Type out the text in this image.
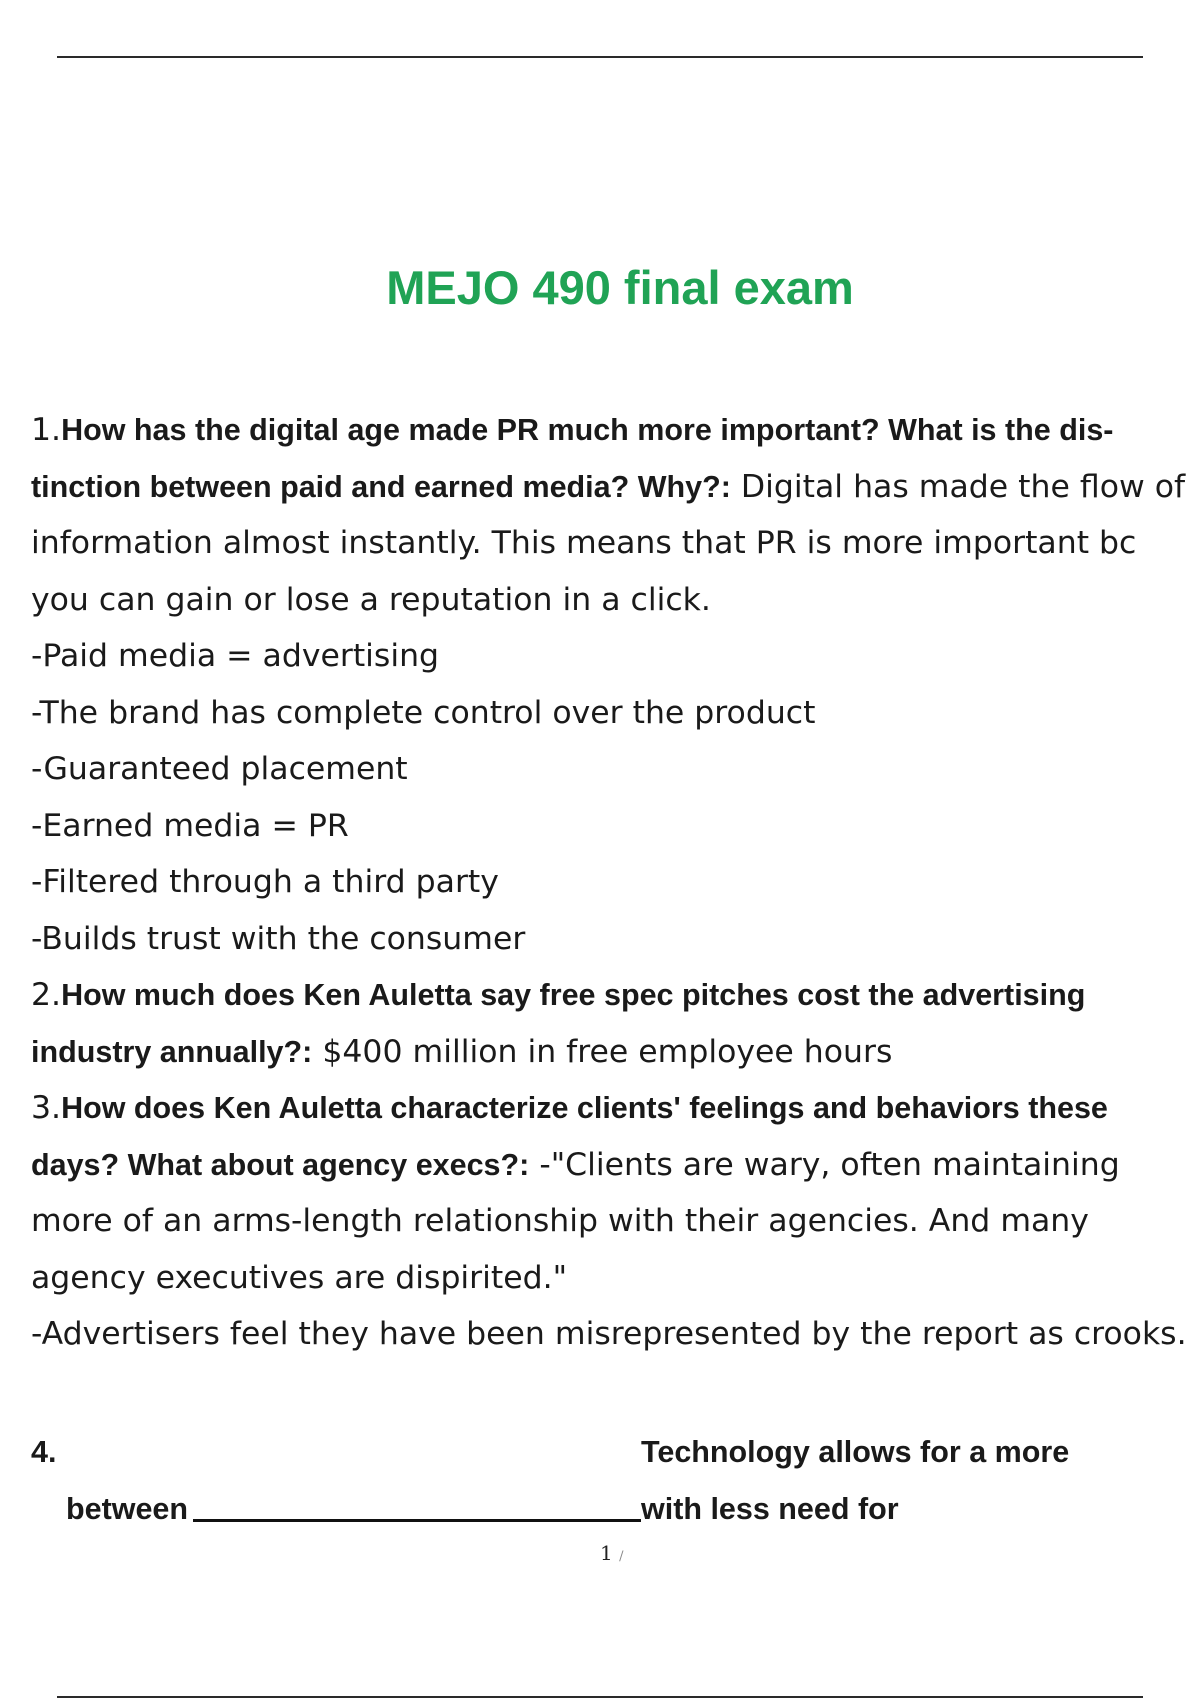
MEJO 490 final exam

1.How has the digital age made PR much more important? What is the dis-tinction between paid and earned media? Why?: Digital has made the flow of information almost instantly. This means that PR is more important bc you can gain or lose a reputation in a click.

-Paid media = advertising

-The brand has complete control over the product

-Guaranteed placement

-Earned media = PR

-Filtered through a third party

-Builds trust with the consumer

2.How much does Ken Auletta say free spec pitches cost the advertising industry annually?: $400 million in free employee hours

3.How does Ken Auletta characterize clients' feelings and behaviors these days? What about agency execs?: -"Clients are wary, often maintaining more of an arms-length relationship with their agencies. And many agency executives are dispirited."

-Advertisers feel they have been misrepresented by the report as crooks.

4.	Technology allows for a more
between	with less need for
1 /
